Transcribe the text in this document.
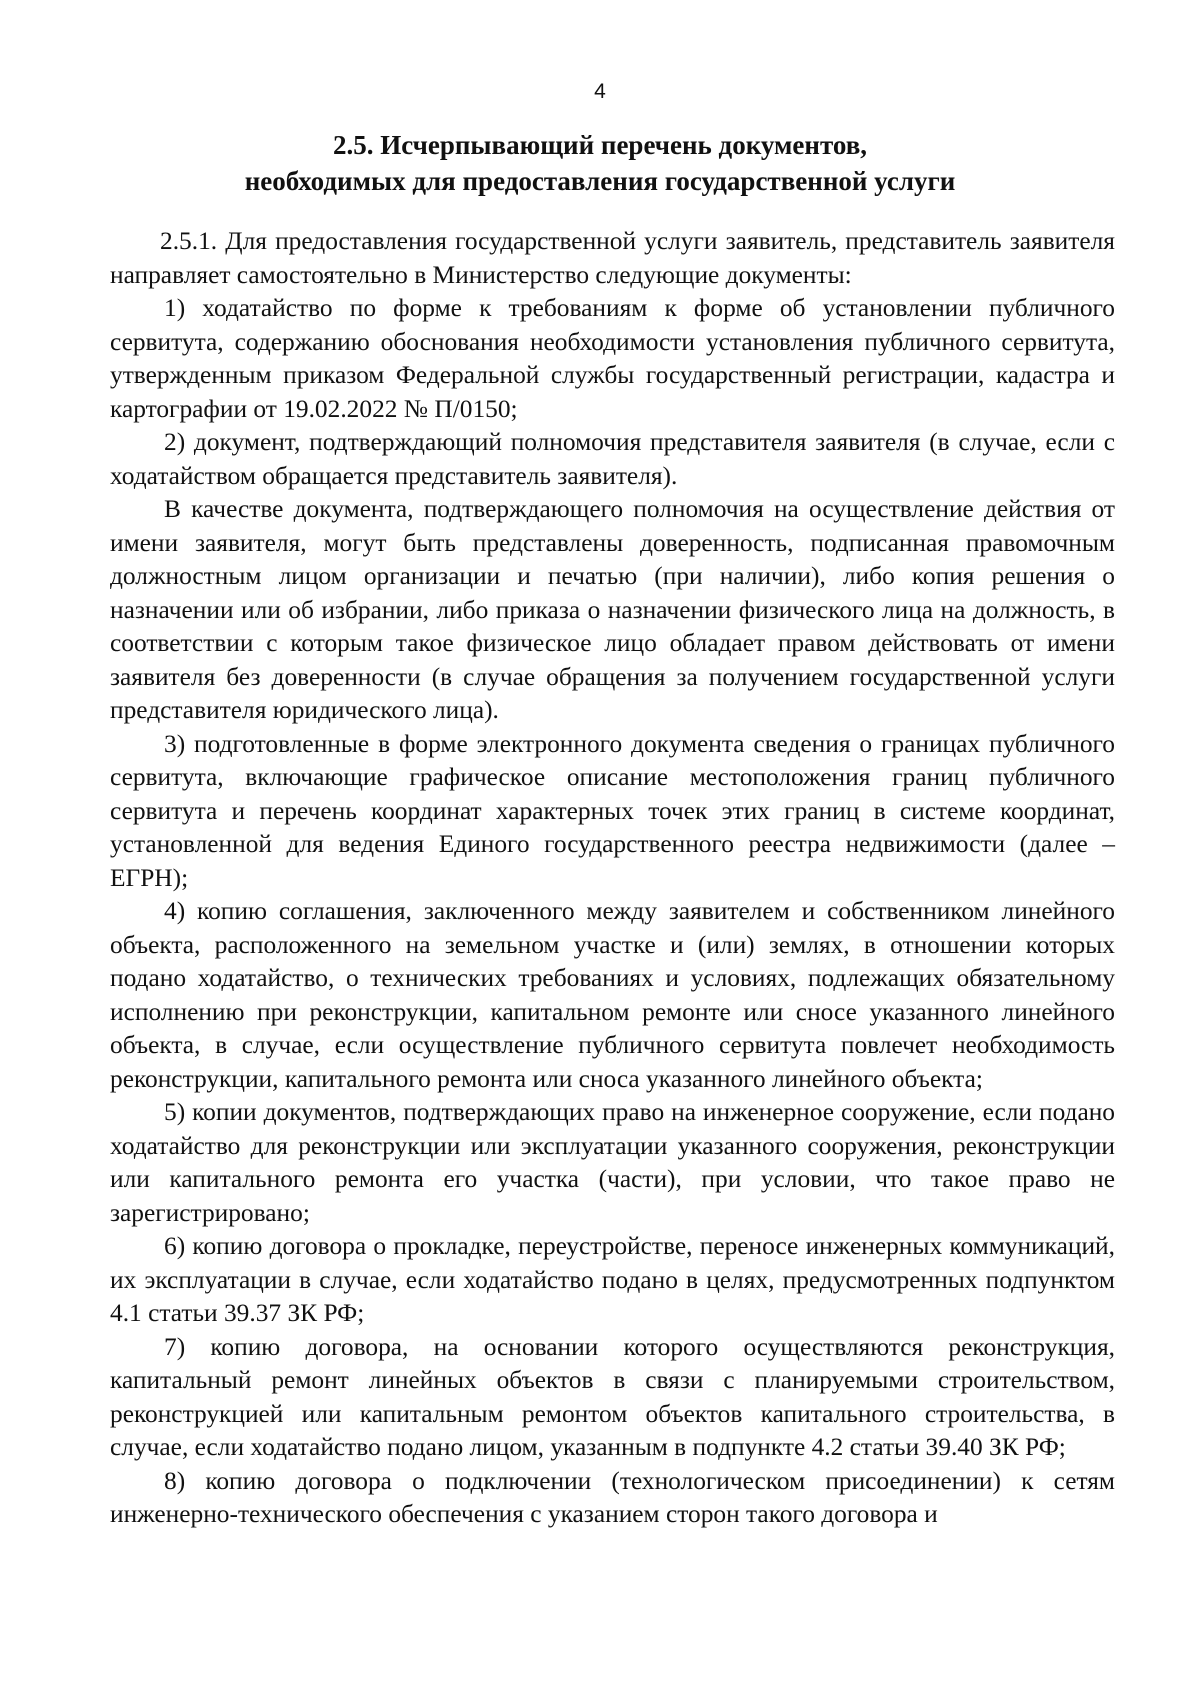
4
2.5. Исчерпывающий перечень документов,
необходимых для предоставления государственной услуги

2.5.1. Для предоставления государственной услуги заявитель, представитель заявителя направляет самостоятельно в Министерство следующие документы:

1) ходатайство по форме к требованиям к форме об установлении публичного сервитута, содержанию обоснования необходимости установления публичного сервитута, утвержденным приказом Федеральной службы государственный регистрации, кадастра и картографии от 19.02.2022 № П/0150;

2) документ, подтверждающий полномочия представителя заявителя (в случае, если с ходатайством обращается представитель заявителя).

В качестве документа, подтверждающего полномочия на осуществление действия от имени заявителя, могут быть представлены доверенность, подписанная правомочным должностным лицом организации и печатью (при наличии), либо копия решения о назначении или об избрании, либо приказа о назначении физического лица на должность, в соответствии с которым такое физическое лицо обладает правом действовать от имени заявителя без доверенности (в случае обращения за получением государственной услуги представителя юридического лица).

3) подготовленные в форме электронного документа сведения о границах публичного сервитута, включающие графическое описание местоположения границ публичного сервитута и перечень координат характерных точек этих границ в системе координат, установленной для ведения Единого государственного реестра недвижимости (далее – ЕГРН);

4) копию соглашения, заключенного между заявителем и собственником линейного объекта, расположенного на земельном участке и (или) землях, в отношении которых подано ходатайство, о технических требованиях и условиях, подлежащих обязательному исполнению при реконструкции, капитальном ремонте или сносе указанного линейного объекта, в случае, если осуществление публичного сервитута повлечет необходимость реконструкции, капитального ремонта или сноса указанного линейного объекта;

5) копии документов, подтверждающих право на инженерное сооружение, если подано ходатайство для реконструкции или эксплуатации указанного сооружения, реконструкции или капитального ремонта его участка (части), при условии, что такое право не зарегистрировано;

6) копию договора о прокладке, переустройстве, переносе инженерных коммуникаций, их эксплуатации в случае, если ходатайство подано в целях, предусмотренных подпунктом 4.1 статьи 39.37 ЗК РФ;

7) копию договора, на основании которого осуществляются реконструкция, капитальный ремонт линейных объектов в связи с планируемыми строительством, реконструкцией или капитальным ремонтом объектов капитального строительства, в случае, если ходатайство подано лицом, указанным в подпункте 4.2 статьи 39.40 ЗК РФ;

8) копию договора о подключении (технологическом присоединении) к сетям инженерно-технического обеспечения с указанием сторон такого договора и
